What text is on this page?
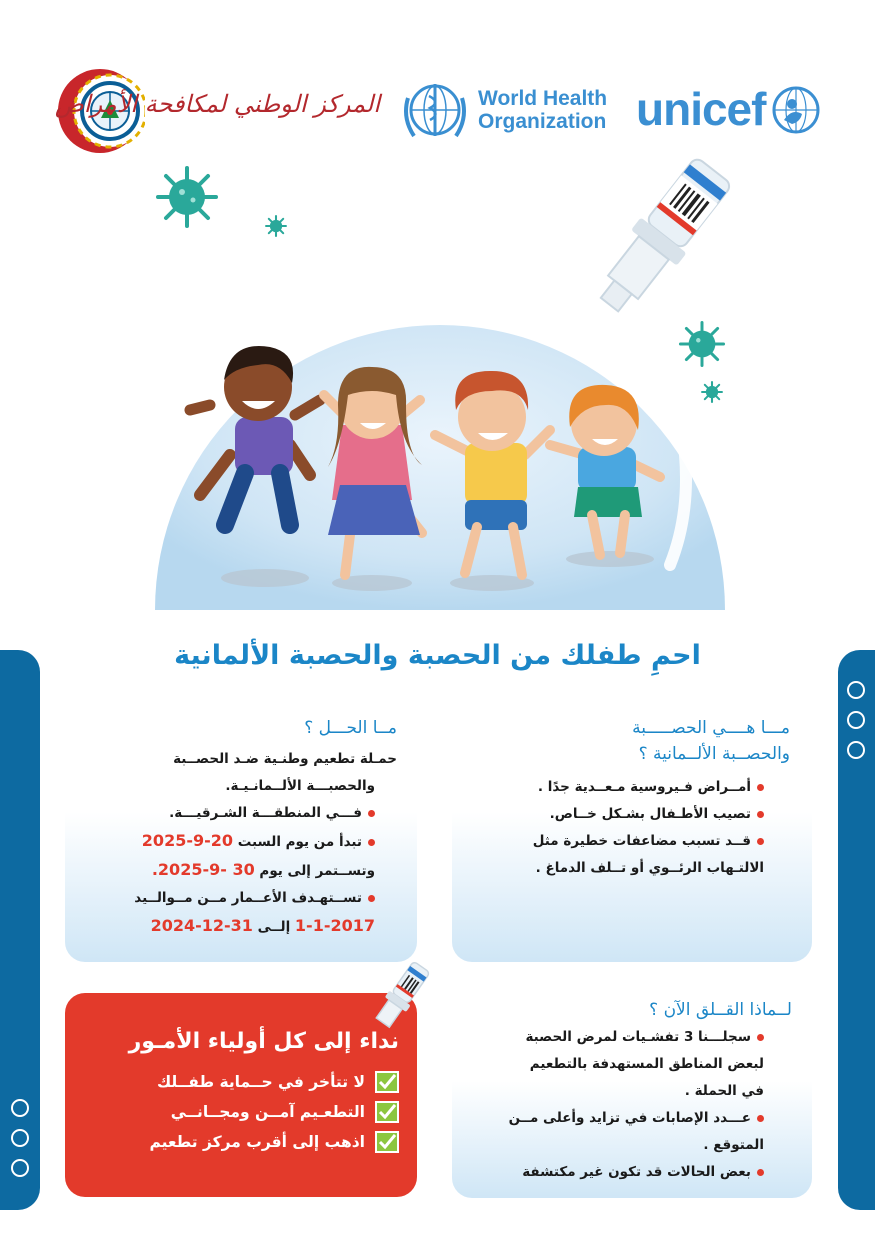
المركز الوطني لمكافحة الأمراض	World Health
Organization unicef
احمِ طفلك من الحصبة والحصبة الألمانية
مـــا هــــي الحصـــــبة
والحصــبة الألــمانية ؟
أمــراض فـيروسية مـعــدية جدًا .
تصيب الأطـفال بشـكل خــاص.
قــد تسبب مضاعفات خطيرة مثل
الالتـهاب الرئــوي أو تــلف الدماغ .
مــا الحـــل ؟
حمـلة تطعيم وطنـية ضـد الحصــبة
والحصبـــة الألــمانـيـة.
فـــي المنطقـــة الشـرقيـــة.
تبدأ من يوم السبت 20-9-2025
وتســتمر إلى يوم 30 -9-2025.
تســتهـدف الأعــمار مــن مــوالــيد
1-1-2017 إلــى 31-12-2024
لــماذا القــلق الآن ؟
سجلـــنا 3 تفشـيات لمرض الحصبة
لبعض المناطق المستهدفة بالتطعيم
في الحملة .
عـــدد الإصابات في تزايد وأعلى مــن
المتوقع .
بعض الحالات قد تكون غير مكتشفة
نداء إلى كل أولياء الأمـور
لا تتأخر في حــماية طفــلك
التطعـيم آمــن ومجــانــي
اذهب إلى أقرب مركز تطعيم
